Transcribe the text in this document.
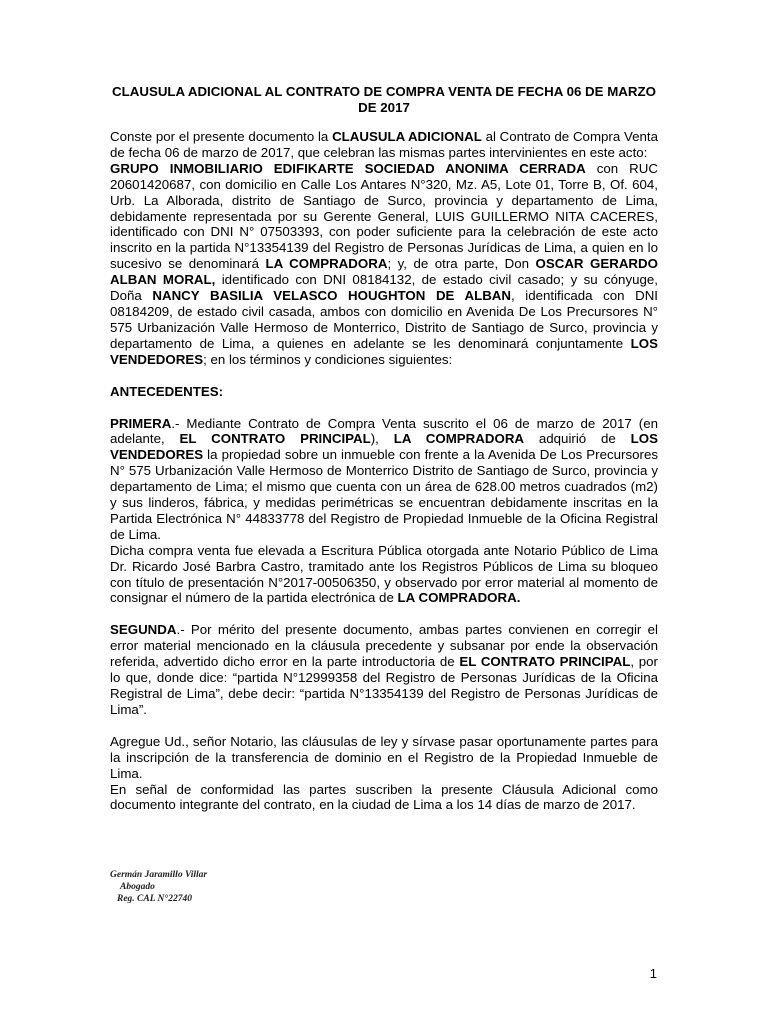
CLAUSULA ADICIONAL AL CONTRATO DE COMPRA VENTA DE FECHA 06 DE MARZO DE 2017

Conste por el presente documento la CLAUSULA ADICIONAL al Contrato de Compra Venta de fecha 06 de marzo de 2017, que celebran las mismas partes intervinientes en este acto:

GRUPO INMOBILIARIO EDIFIKARTE SOCIEDAD ANONIMA CERRADA con RUC 20601420687, con domicilio en Calle Los Antares N°320, Mz. A5, Lote 01, Torre B, Of. 604, Urb. La Alborada, distrito de Santiago de Surco, provincia y departamento de Lima, debidamente representada por su Gerente General, LUIS GUILLERMO NITA CACERES, identificado con DNI N° 07503393, con poder suficiente para la celebración de este acto inscrito en la partida N°13354139 del Registro de Personas Jurídicas de Lima, a quien en lo sucesivo se denominará LA COMPRADORA; y, de otra parte, Don OSCAR GERARDO ALBAN MORAL, identificado con DNI 08184132, de estado civil casado; y su cónyuge, Doña NANCY BASILIA VELASCO HOUGHTON DE ALBAN, identificada con DNI 08184209, de estado civil casada, ambos con domicilio en Avenida De Los Precursores N° 575 Urbanización Valle Hermoso de Monterrico, Distrito de Santiago de Surco, provincia y departamento de Lima, a quienes en adelante se les denominará conjuntamente LOS VENDEDORES; en los términos y condiciones siguientes:

ANTECEDENTES:

PRIMERA.- Mediante Contrato de Compra Venta suscrito el 06 de marzo de 2017 (en adelante, EL CONTRATO PRINCIPAL), LA COMPRADORA adquirió de LOS VENDEDORES la propiedad sobre un inmueble con frente a la Avenida De Los Precursores N° 575 Urbanización Valle Hermoso de Monterrico Distrito de Santiago de Surco, provincia y departamento de Lima; el mismo que cuenta con un área de 628.00 metros cuadrados (m2) y sus linderos, fábrica, y medidas perimétricas se encuentran debidamente inscritas en la Partida Electrónica N° 44833778 del Registro de Propiedad Inmueble de la Oficina Registral de Lima.

Dicha compra venta fue elevada a Escritura Pública otorgada ante Notario Público de Lima Dr. Ricardo José Barbra Castro, tramitado ante los Registros Públicos de Lima su bloqueo con título de presentación N°2017-00506350, y observado por error material al momento de consignar el número de la partida electrónica de LA COMPRADORA.

SEGUNDA.- Por mérito del presente documento, ambas partes convienen en corregir el error material mencionado en la cláusula precedente y subsanar por ende la observación referida, advertido dicho error en la parte introductoria de EL CONTRATO PRINCIPAL, por lo que, donde dice: “partida N°12999358 del Registro de Personas Jurídicas de la Oficina Registral de Lima”, debe decir: “partida N°13354139 del Registro de Personas Jurídicas de Lima”.

Agregue Ud., señor Notario, las cláusulas de ley y sírvase pasar oportunamente partes para la inscripción de la transferencia de dominio en el Registro de la Propiedad Inmueble de Lima.

En señal de conformidad las partes suscriben la presente Cláusula Adicional como documento integrante del contrato, en la ciudad de Lima a los 14 días de marzo de 2017.

Germán Jaramillo Villar
Abogado
Reg. CAL N°22740
1
